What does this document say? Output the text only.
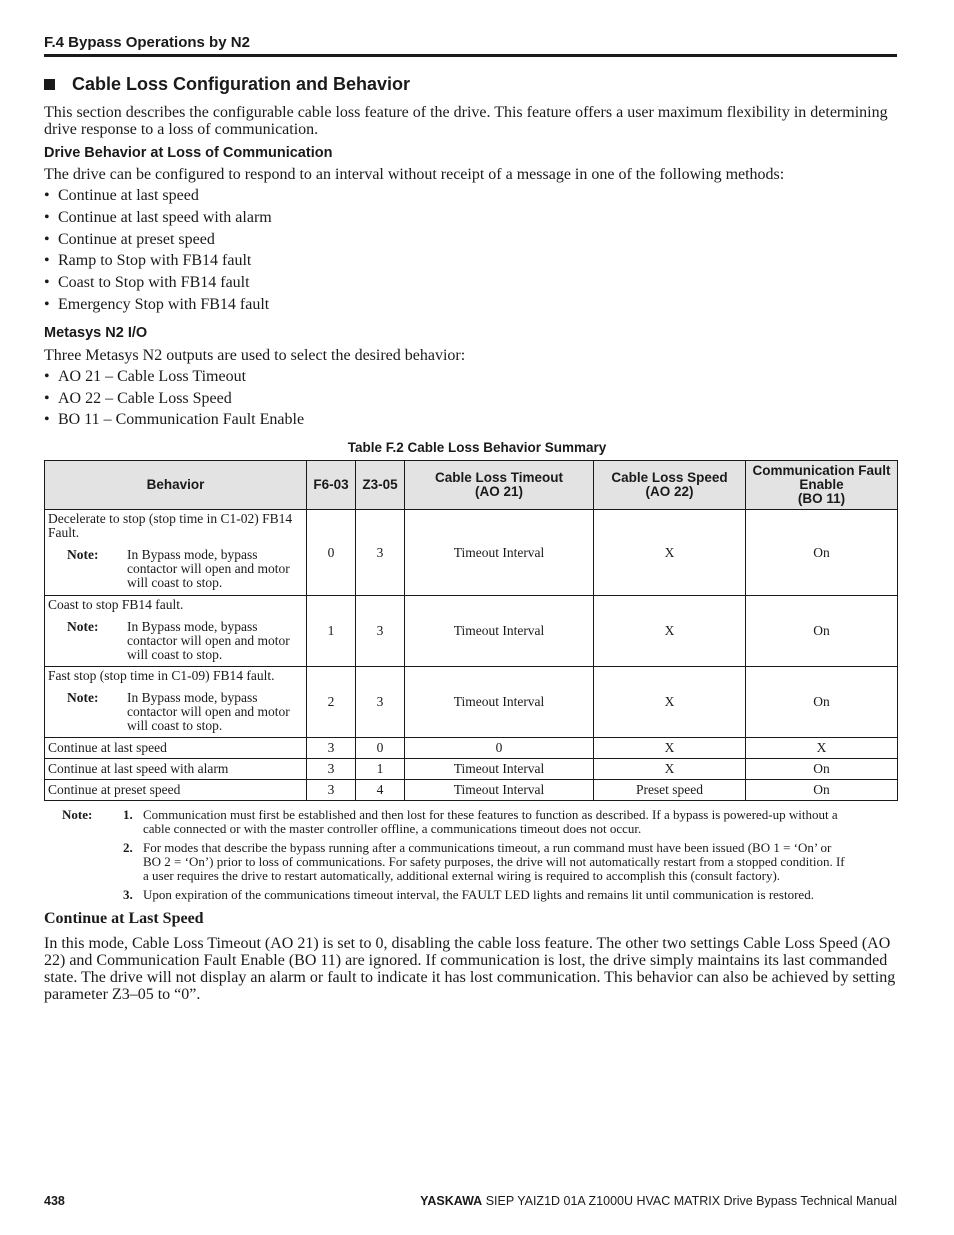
F.4 Bypass Operations by N2
Cable Loss Configuration and Behavior
This section describes the configurable cable loss feature of the drive. This feature offers a user maximum flexibility in determining drive response to a loss of communication.
Drive Behavior at Loss of Communication
The drive can be configured to respond to an interval without receipt of a message in one of the following methods:
• Continue at last speed
• Continue at last speed with alarm
• Continue at preset speed
• Ramp to Stop with FB14 fault
• Coast to Stop with FB14 fault
• Emergency Stop with FB14 fault
Metasys N2 I/O
Three Metasys N2 outputs are used to select the desired behavior:
• AO 21 – Cable Loss Timeout
• AO 22 – Cable Loss Speed
• BO 11 – Communication Fault Enable
Table F.2 Cable Loss Behavior Summary
Behavior	F6-03	Z3-05	Cable Loss Timeout
(AO 21)	Cable Loss Speed
(AO 22)	Communication Fault
Enable
(BO 11)

Decelerate to stop (stop time in C1-02) FB14 Fault.
Note: In Bypass mode, bypass contactor will open and motor will coast to stop.	0	3	Timeout Interval	X	On

Coast to stop FB14 fault.
Note: In Bypass mode, bypass contactor will open and motor will coast to stop.	1	3	Timeout Interval	X	On

Fast stop (stop time in C1-09) FB14 fault.
Note: In Bypass mode, bypass contactor will open and motor will coast to stop.	2	3	Timeout Interval	X	On
Continue at last speed	3	0	0	X	X
Continue at last speed with alarm	3	1	Timeout Interval	X	On
Continue at preset speed	3	4	Timeout Interval	Preset speed	On
Note: 1. Communication must first be established and then lost for these features to function as described. If a bypass is powered-up without a
cable connected or with the master controller offline, a communications timeout does not occur.
2. For modes that describe the bypass running after a communications timeout, a run command must have been issued (BO 1 = ‘On’ or
BO 2 = ‘On’) prior to loss of communications. For safety purposes, the drive will not automatically restart from a stopped condition. If
a user requires the drive to restart automatically, additional external wiring is required to accomplish this (consult factory).
3. Upon expiration of the communications timeout interval, the FAULT LED lights and remains lit until communication is restored.
Continue at Last Speed
In this mode, Cable Loss Timeout (AO 21) is set to 0, disabling the cable loss feature. The other two settings Cable Loss Speed (AO 22) and Communication Fault Enable (BO 11) are ignored. If communication is lost, the drive simply maintains its last commanded state. The drive will not display an alarm or fault to indicate it has lost communication. This behavior can also be achieved by setting parameter Z3–05 to “0”.
438	YASKAWA SIEP YAIZ1D 01A Z1000U HVAC MATRIX Drive Bypass Technical Manual
